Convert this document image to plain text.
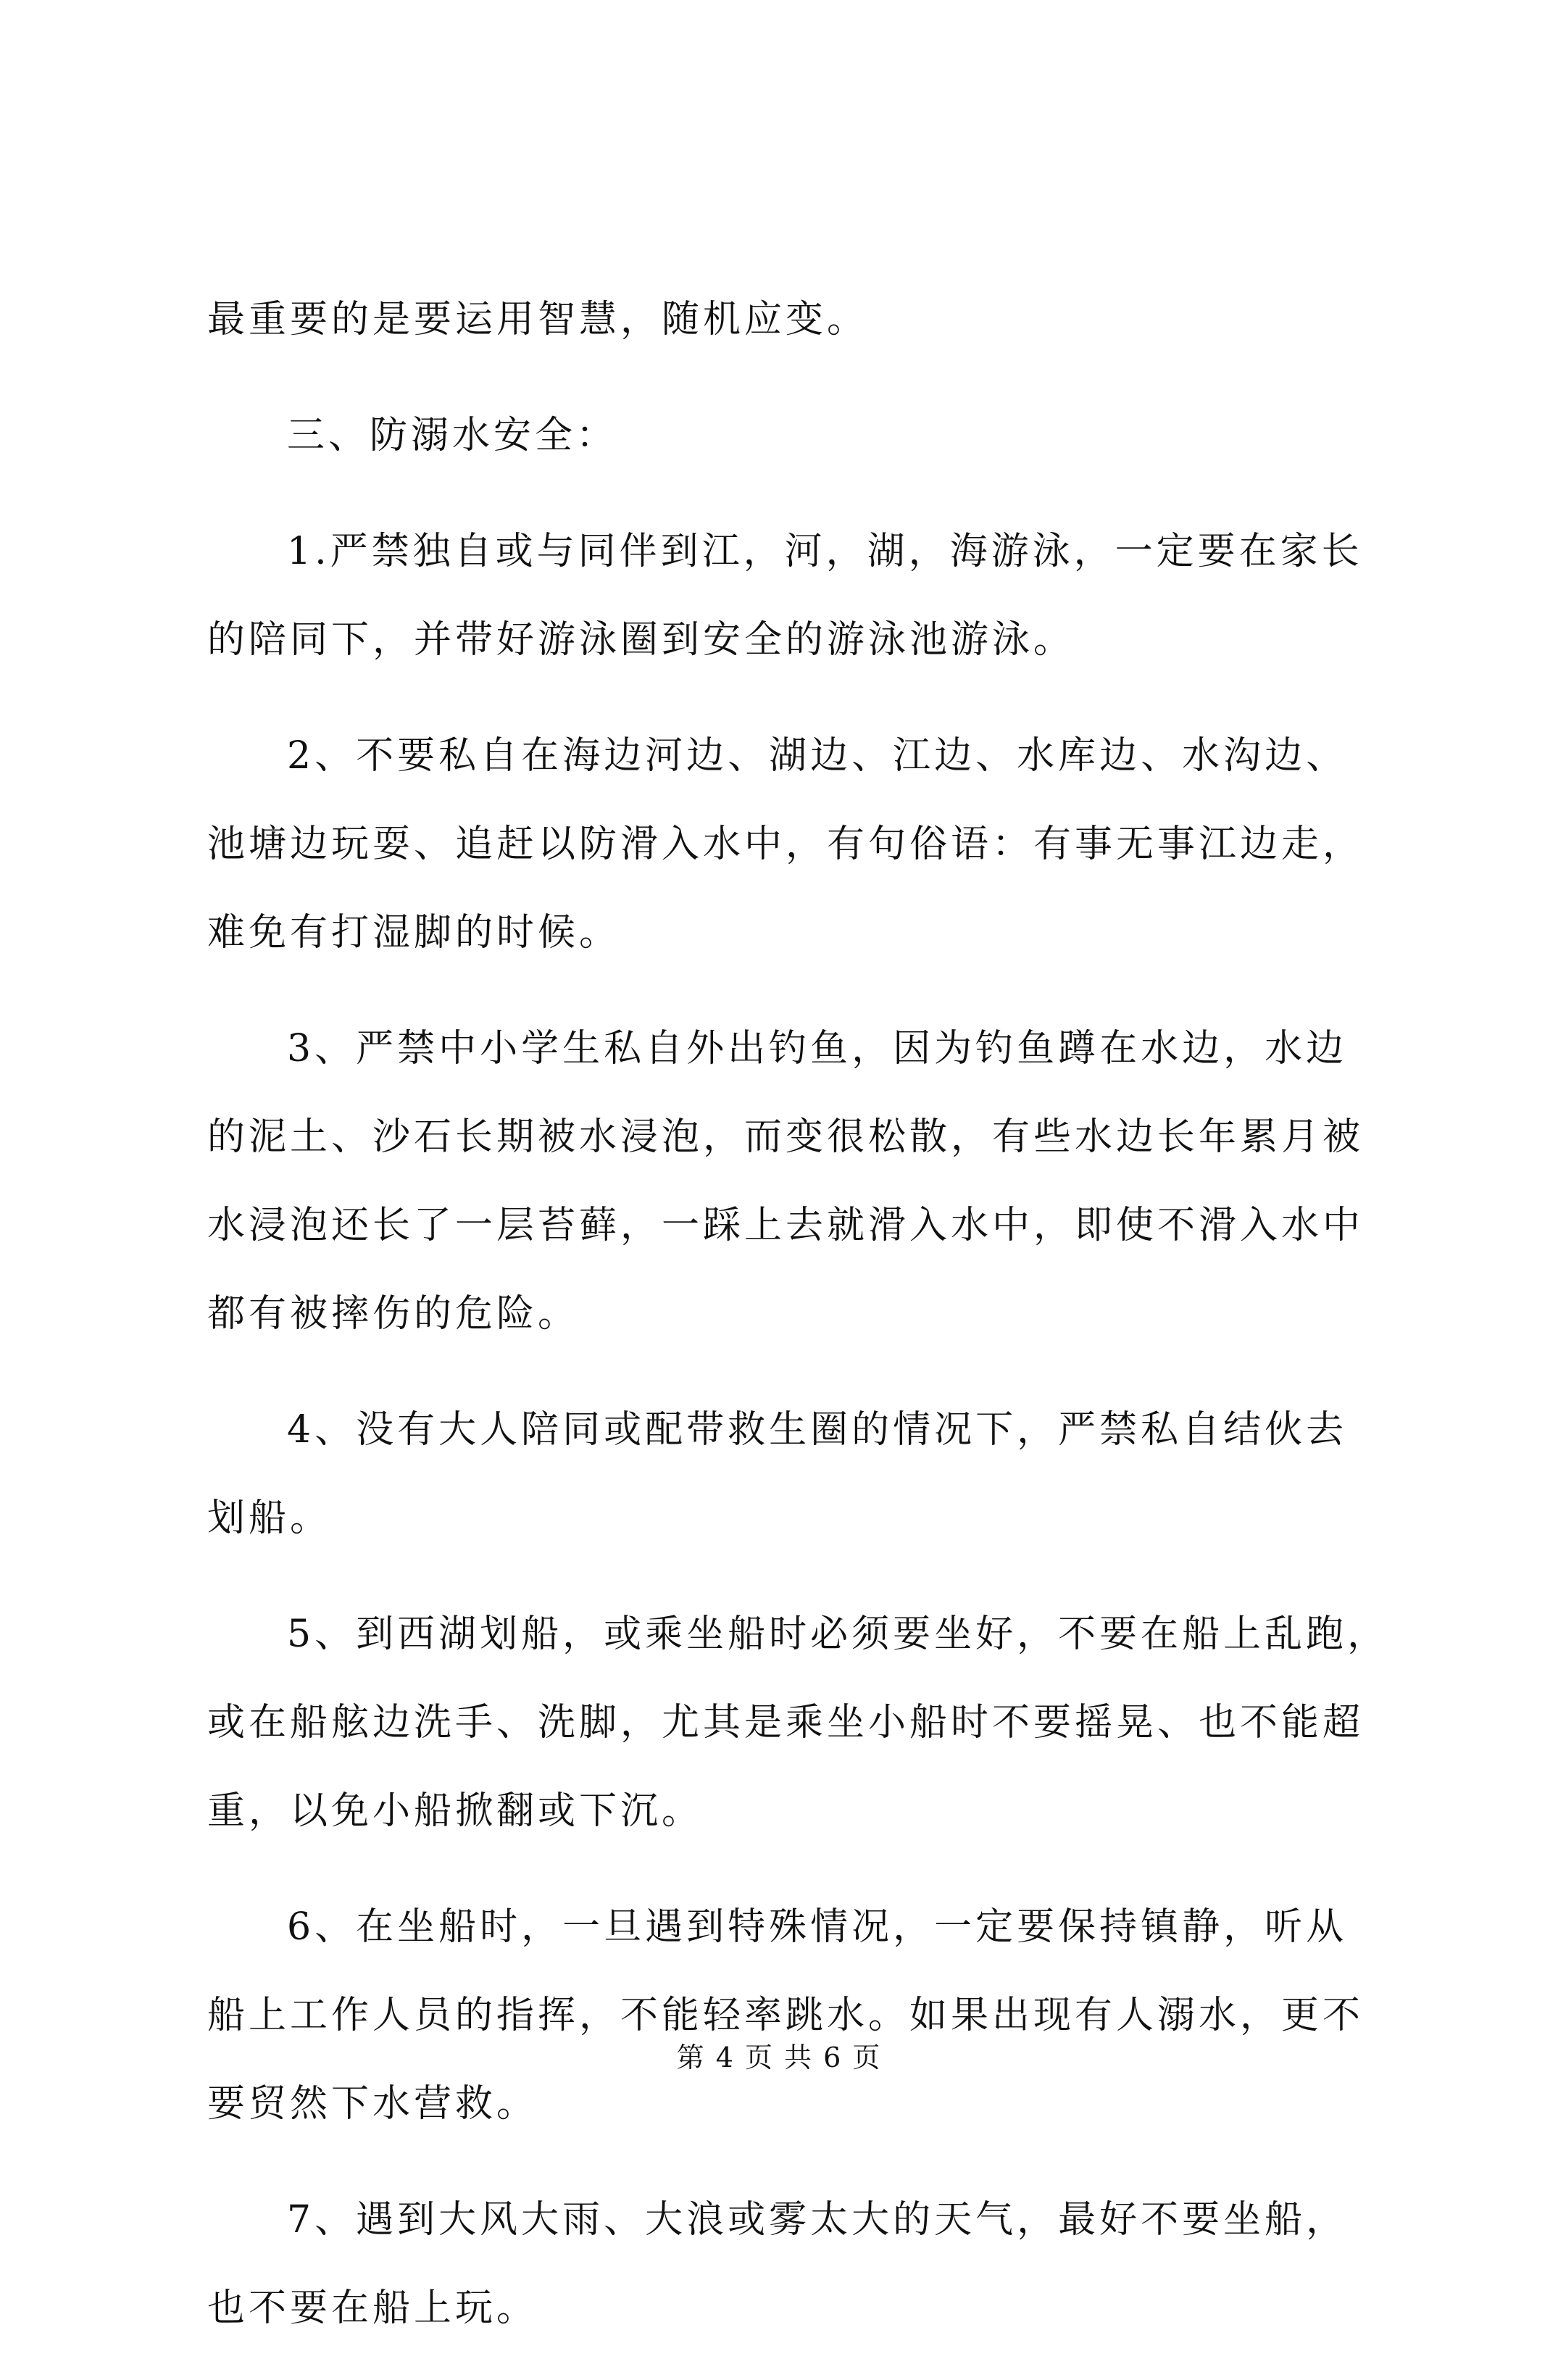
最重要的是要运用智慧，随机应变。
三、防溺水安全：
1.严禁独自或与同伴到江，河，湖，海游泳，一定要在家长
的陪同下，并带好游泳圈到安全的游泳池游泳。
2、不要私自在海边河边、湖边、江边、水库边、水沟边、
池塘边玩耍、追赶以防滑入水中，有句俗语：有事无事江边走，
难免有打湿脚的时候。
3、严禁中小学生私自外出钓鱼，因为钓鱼蹲在水边，水边
的泥土、沙石长期被水浸泡，而变很松散，有些水边长年累月被
水浸泡还长了一层苔藓，一踩上去就滑入水中，即使不滑入水中
都有被摔伤的危险。
4、没有大人陪同或配带救生圈的情况下，严禁私自结伙去
划船。
5、到西湖划船，或乘坐船时必须要坐好，不要在船上乱跑，
或在船舷边洗手、洗脚，尤其是乘坐小船时不要摇晃、也不能超
重，以免小船掀翻或下沉。
6、在坐船时，一旦遇到特殊情况，一定要保持镇静，听从
船上工作人员的指挥，不能轻率跳水。如果出现有人溺水，更不
要贸然下水营救。
7、遇到大风大雨、大浪或雾太大的天气，最好不要坐船，
也不要在船上玩。
第 4 页 共 6 页
